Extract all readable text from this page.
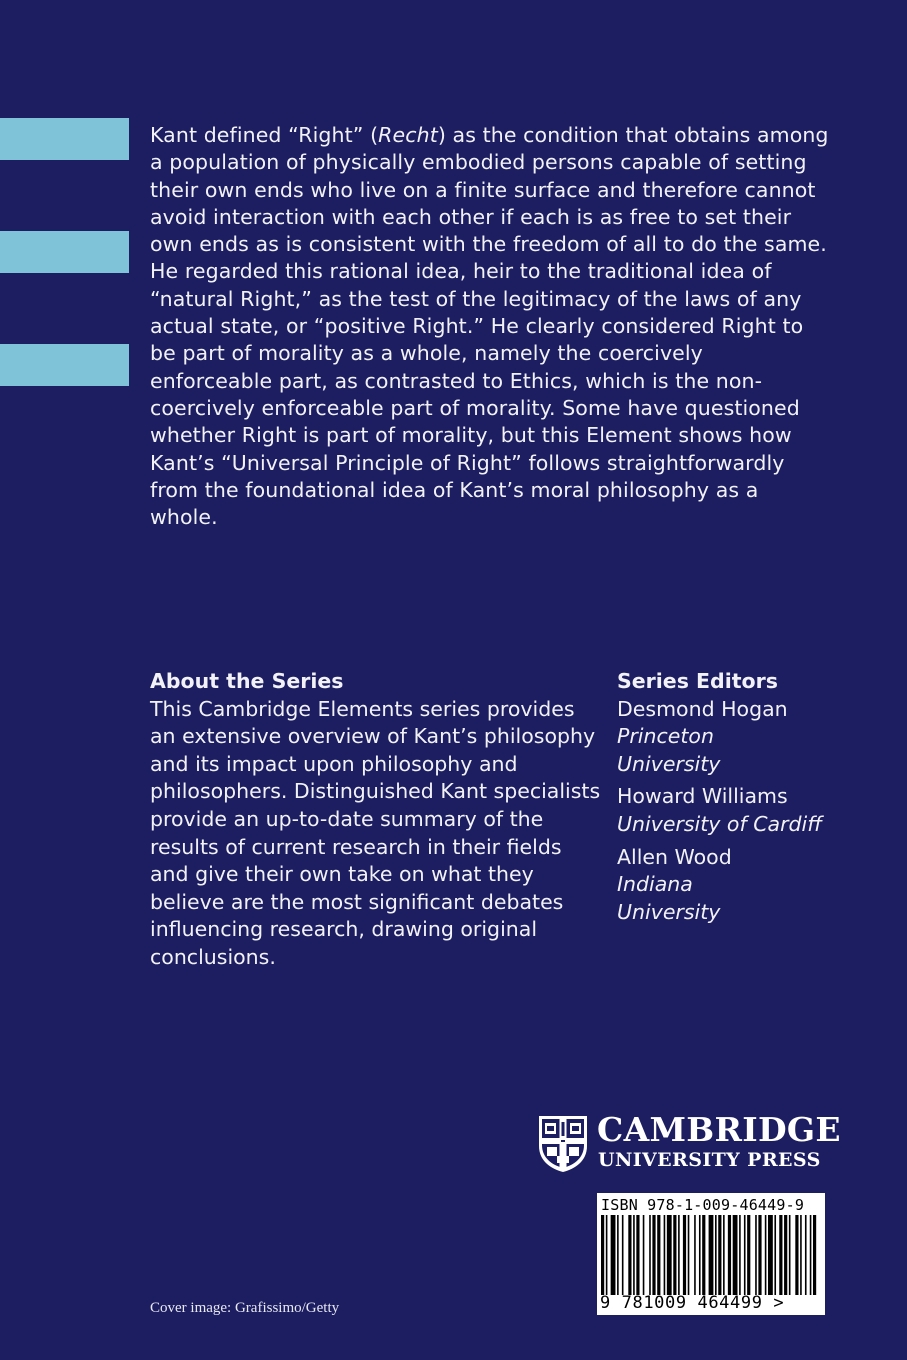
Kant defined “Right” (Recht) as the condition that obtains among a population of physically embodied persons capable of setting their own ends who live on a finite surface and therefore cannot avoid interaction with each other if each is as free to set their own ends as is consistent with the freedom of all to do the same. He regarded this rational idea, heir to the traditional idea of “natural Right,” as the test of the legitimacy of the laws of any actual state, or “positive Right.” He clearly considered Right to be part of morality as a whole, namely the coercively enforceable part, as contrasted to Ethics, which is the non-coercively enforceable part of morality. Some have questioned whether Right is part of morality, but this Element shows how Kant’s “Universal Principle of Right” follows straightforwardly from the foundational idea of Kant’s moral philosophy as a whole.
About the Series
This Cambridge Elements series provides an extensive overview of Kant’s philosophy and its impact upon philosophy and philosophers. Distinguished Kant specialists provide an up-to-date summary of the results of current research in their fields and give their own take on what they believe are the most significant debates influencing research, drawing original conclusions.
Series Editors
Desmond Hogan
Princeton
University
Howard Williams
University of Cardiff
Allen Wood
Indiana
University
CAMBRIDGE
UNIVERSITY PRESS
ISBN 978-1-009-46449-9
9 781009 464499 >
Cover image: Grafissimo/Getty
